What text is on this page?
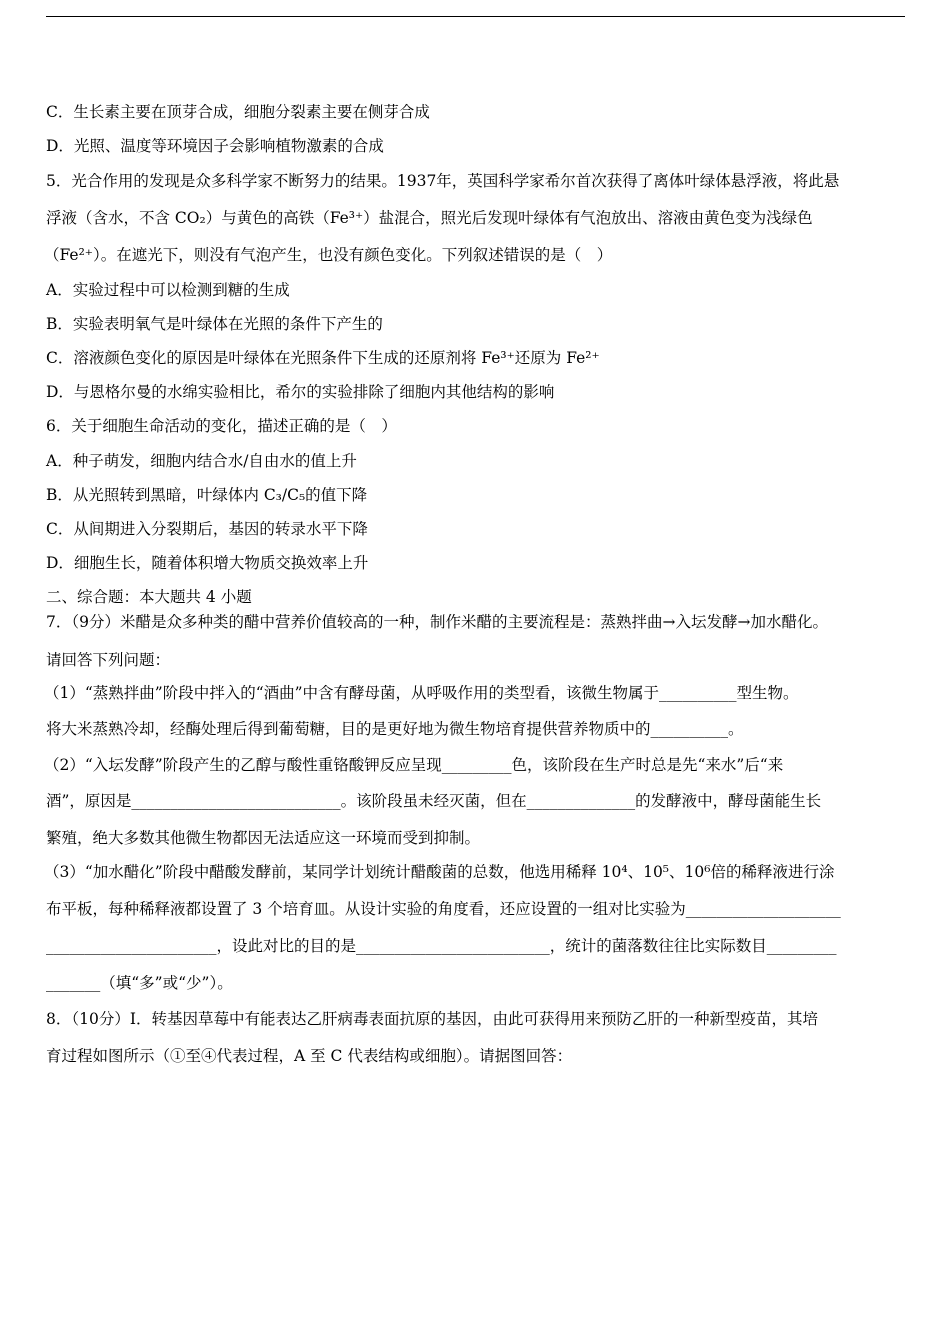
C．生长素主要在顶芽合成，细胞分裂素主要在侧芽合成
D．光照、温度等环境因子会影响植物激素的合成
5．光合作用的发现是众多科学家不断努力的结果。1937年，英国科学家希尔首次获得了离体叶绿体悬浮液，将此悬
浮液（含水，不含 CO₂）与黄色的高铁（Fe³⁺）盐混合，照光后发现叶绿体有气泡放出、溶液由黄色变为浅绿色
（Fe²⁺）。在遮光下，则没有气泡产生，也没有颜色变化。下列叙述错误的是（　）
A．实验过程中可以检测到糖的生成
B．实验表明氧气是叶绿体在光照的条件下产生的
C．溶液颜色变化的原因是叶绿体在光照条件下生成的还原剂将 Fe³⁺还原为 Fe²⁺
D．与恩格尔曼的水绵实验相比，希尔的实验排除了细胞内其他结构的影响
6．关于细胞生命活动的变化，描述正确的是（　）
A．种子萌发，细胞内结合水/自由水的值上升
B．从光照转到黑暗，叶绿体内 C₃/C₅的值下降
C．从间期进入分裂期后，基因的转录水平下降
D．细胞生长，随着体积增大物质交换效率上升
二、综合题：本大题共 4 小题
7．（9分）米醋是众多种类的醋中营养价值较高的一种，制作米醋的主要流程是：蒸熟拌曲→入坛发酵→加水醋化。
请回答下列问题：
（1）“蒸熟拌曲”阶段中拌入的“酒曲”中含有酵母菌，从呼吸作用的类型看，该微生物属于__________型生物。
将大米蒸熟冷却，经酶处理后得到葡萄糖，目的是更好地为微生物培育提供营养物质中的__________。
（2）“入坛发酵”阶段产生的乙醇与酸性重铬酸钾反应呈现_________色，该阶段在生产时总是先“来水”后“来
酒”，原因是___________________________。该阶段虽未经灭菌，但在______________的发酵液中，酵母菌能生长
繁殖，绝大多数其他微生物都因无法适应这一环境而受到抑制。
（3）“加水醋化”阶段中醋酸发酵前，某同学计划统计醋酸菌的总数，他选用稀释 10⁴、10⁵、10⁶倍的稀释液进行涂
布平板，每种稀释液都设置了 3 个培育皿。从设计实验的角度看，还应设置的一组对比实验为____________________
______________________，设此对比的目的是_________________________，统计的菌落数往往比实际数目_________
_______（填“多”或“少”）。
8．（10分）Ⅰ．转基因草莓中有能表达乙肝病毒表面抗原的基因，由此可获得用来预防乙肝的一种新型疫苗，其培
育过程如图所示（①至④代表过程，A 至 C 代表结构或细胞）。请据图回答：
